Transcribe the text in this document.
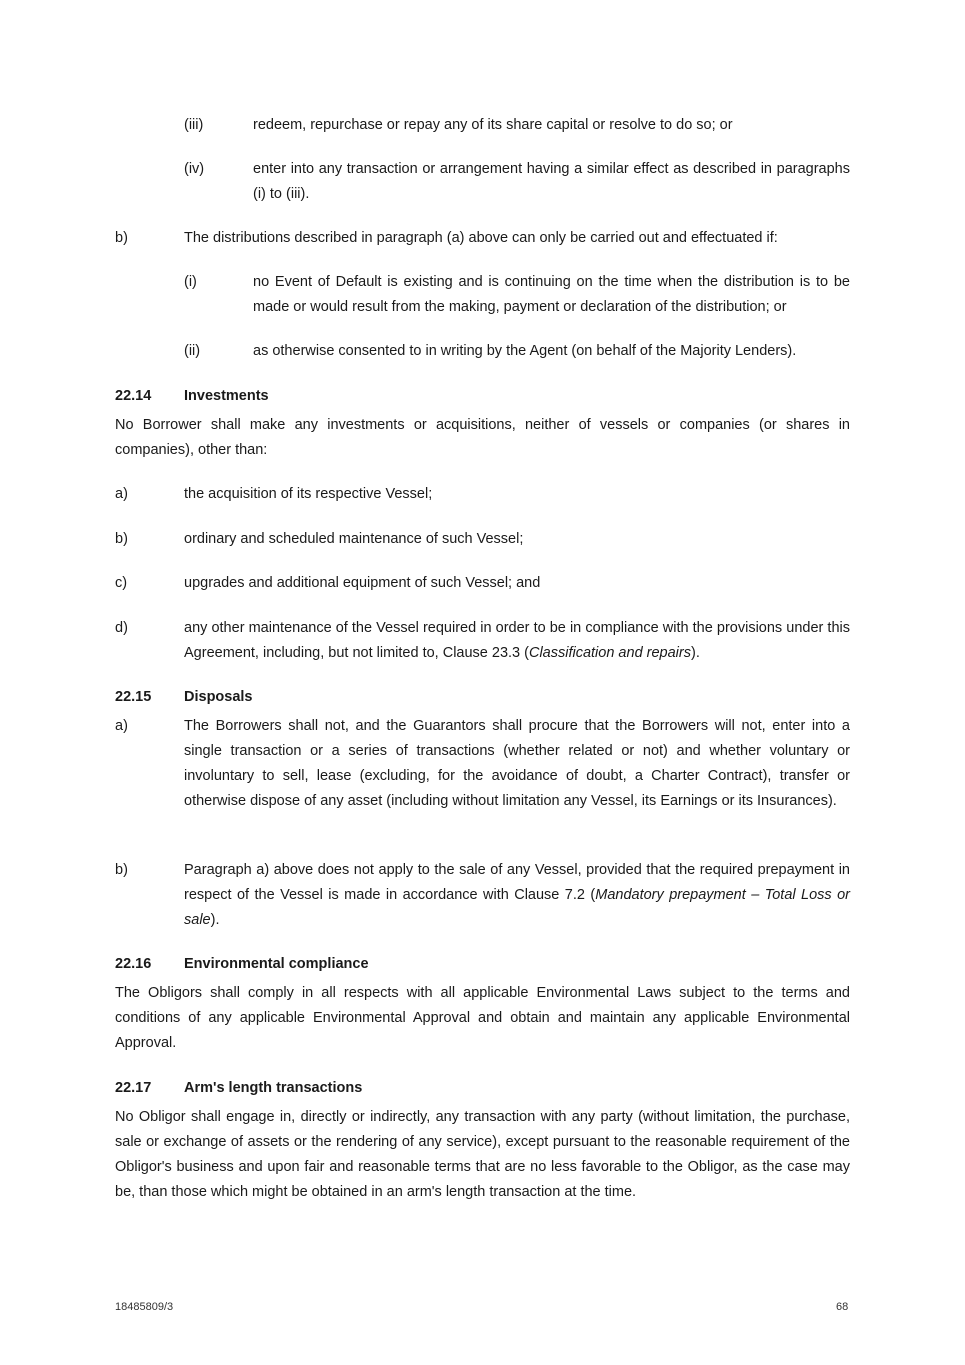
(iii)	redeem, repurchase or repay any of its share capital or resolve to do so; or
(iv)	enter into any transaction or arrangement having a similar effect as described in paragraphs (i) to (iii).
b)	The distributions described in paragraph (a) above can only be carried out and effectuated if:
(i)	no Event of Default is existing and is continuing on the time when the distribution is to be made or would result from the making, payment or declaration of the distribution; or
(ii)	as otherwise consented to in writing by the Agent (on behalf of the Majority Lenders).
22.14 Investments
No Borrower shall make any investments or acquisitions, neither of vessels or companies (or shares in companies), other than:
a)	the acquisition of its respective Vessel;
b)	ordinary and scheduled maintenance of such Vessel;
c)	upgrades and additional equipment of such Vessel; and
d)	any other maintenance of the Vessel required in order to be in compliance with the provisions under this Agreement, including, but not limited to, Clause 23.3 (Classification and repairs).
22.15 Disposals
a)	The Borrowers shall not, and the Guarantors shall procure that the Borrowers will not, enter into a single transaction or a series of transactions (whether related or not) and whether voluntary or involuntary to sell, lease (excluding, for the avoidance of doubt, a Charter Contract), transfer or otherwise dispose of any asset (including without limitation any Vessel, its Earnings or its Insurances).
b)	Paragraph a) above does not apply to the sale of any Vessel, provided that the required prepayment in respect of the Vessel is made in accordance with Clause 7.2 (Mandatory prepayment – Total Loss or sale).
22.16 Environmental compliance
The Obligors shall comply in all respects with all applicable Environmental Laws subject to the terms and conditions of any applicable Environmental Approval and obtain and maintain any applicable Environmental Approval.
22.17 Arm's length transactions
No Obligor shall engage in, directly or indirectly, any transaction with any party (without limitation, the purchase, sale or exchange of assets or the rendering of any service), except pursuant to the reasonable requirement of the Obligor's business and upon fair and reasonable terms that are no less favorable to the Obligor, as the case may be, than those which might be obtained in an arm's length transaction at the time.
18485809/3	68
